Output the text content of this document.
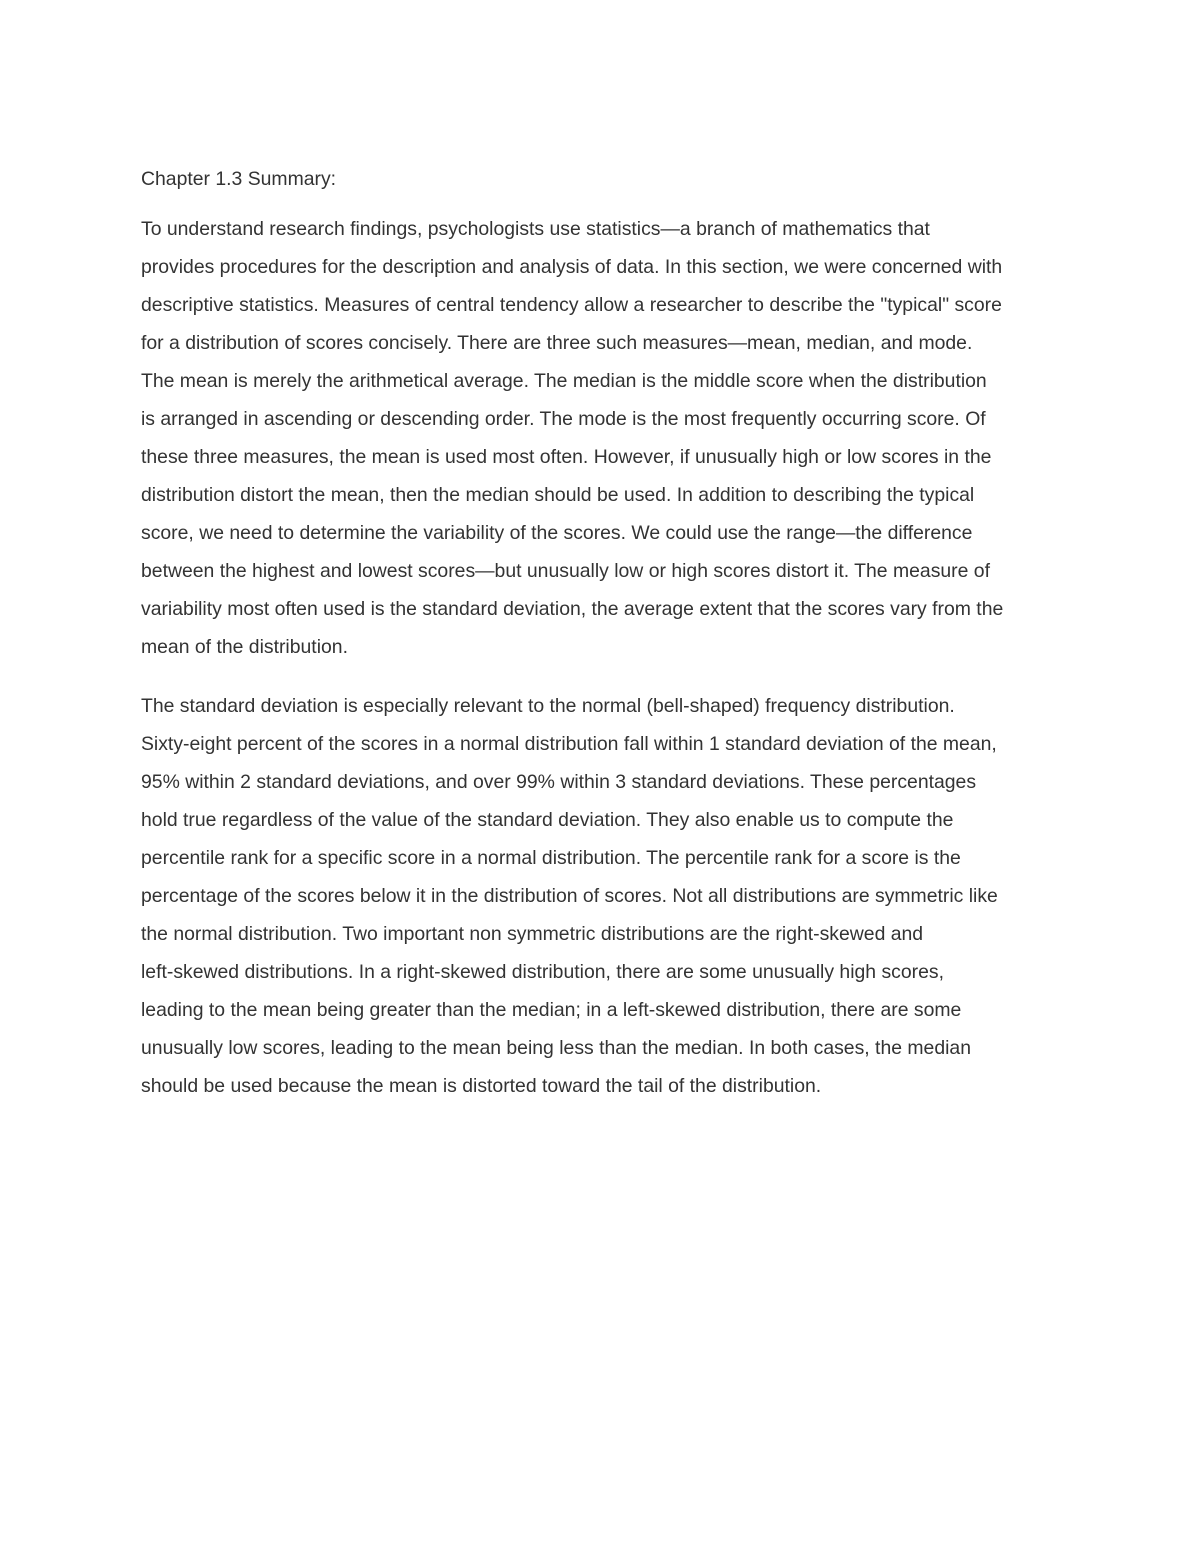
Chapter 1.3 Summary:
To understand research findings, psychologists use statistics—a branch of mathematics that
provides procedures for the description and analysis of data. In this section, we were concerned with
descriptive statistics. Measures of central tendency allow a researcher to describe the "typical" score
for a distribution of scores concisely. There are three such measures—mean, median, and mode.
The mean is merely the arithmetical average. The median is the middle score when the distribution
is arranged in ascending or descending order. The mode is the most frequently occurring score. Of
these three measures, the mean is used most often. However, if unusually high or low scores in the
distribution distort the mean, then the median should be used. In addition to describing the typical
score, we need to determine the variability of the scores. We could use the range—the difference
between the highest and lowest scores—but unusually low or high scores distort it. The measure of
variability most often used is the standard deviation, the average extent that the scores vary from the
mean of the distribution.
The standard deviation is especially relevant to the normal (bell-shaped) frequency distribution.
Sixty-eight percent of the scores in a normal distribution fall within 1 standard deviation of the mean,
95% within 2 standard deviations, and over 99% within 3 standard deviations. These percentages
hold true regardless of the value of the standard deviation. They also enable us to compute the
percentile rank for a specific score in a normal distribution. The percentile rank for a score is the
percentage of the scores below it in the distribution of scores. Not all distributions are symmetric like
the normal distribution. Two important non symmetric distributions are the right-skewed and
left-skewed distributions. In a right-skewed distribution, there are some unusually high scores,
leading to the mean being greater than the median; in a left-skewed distribution, there are some
unusually low scores, leading to the mean being less than the median. In both cases, the median
should be used because the mean is distorted toward the tail of the distribution.
